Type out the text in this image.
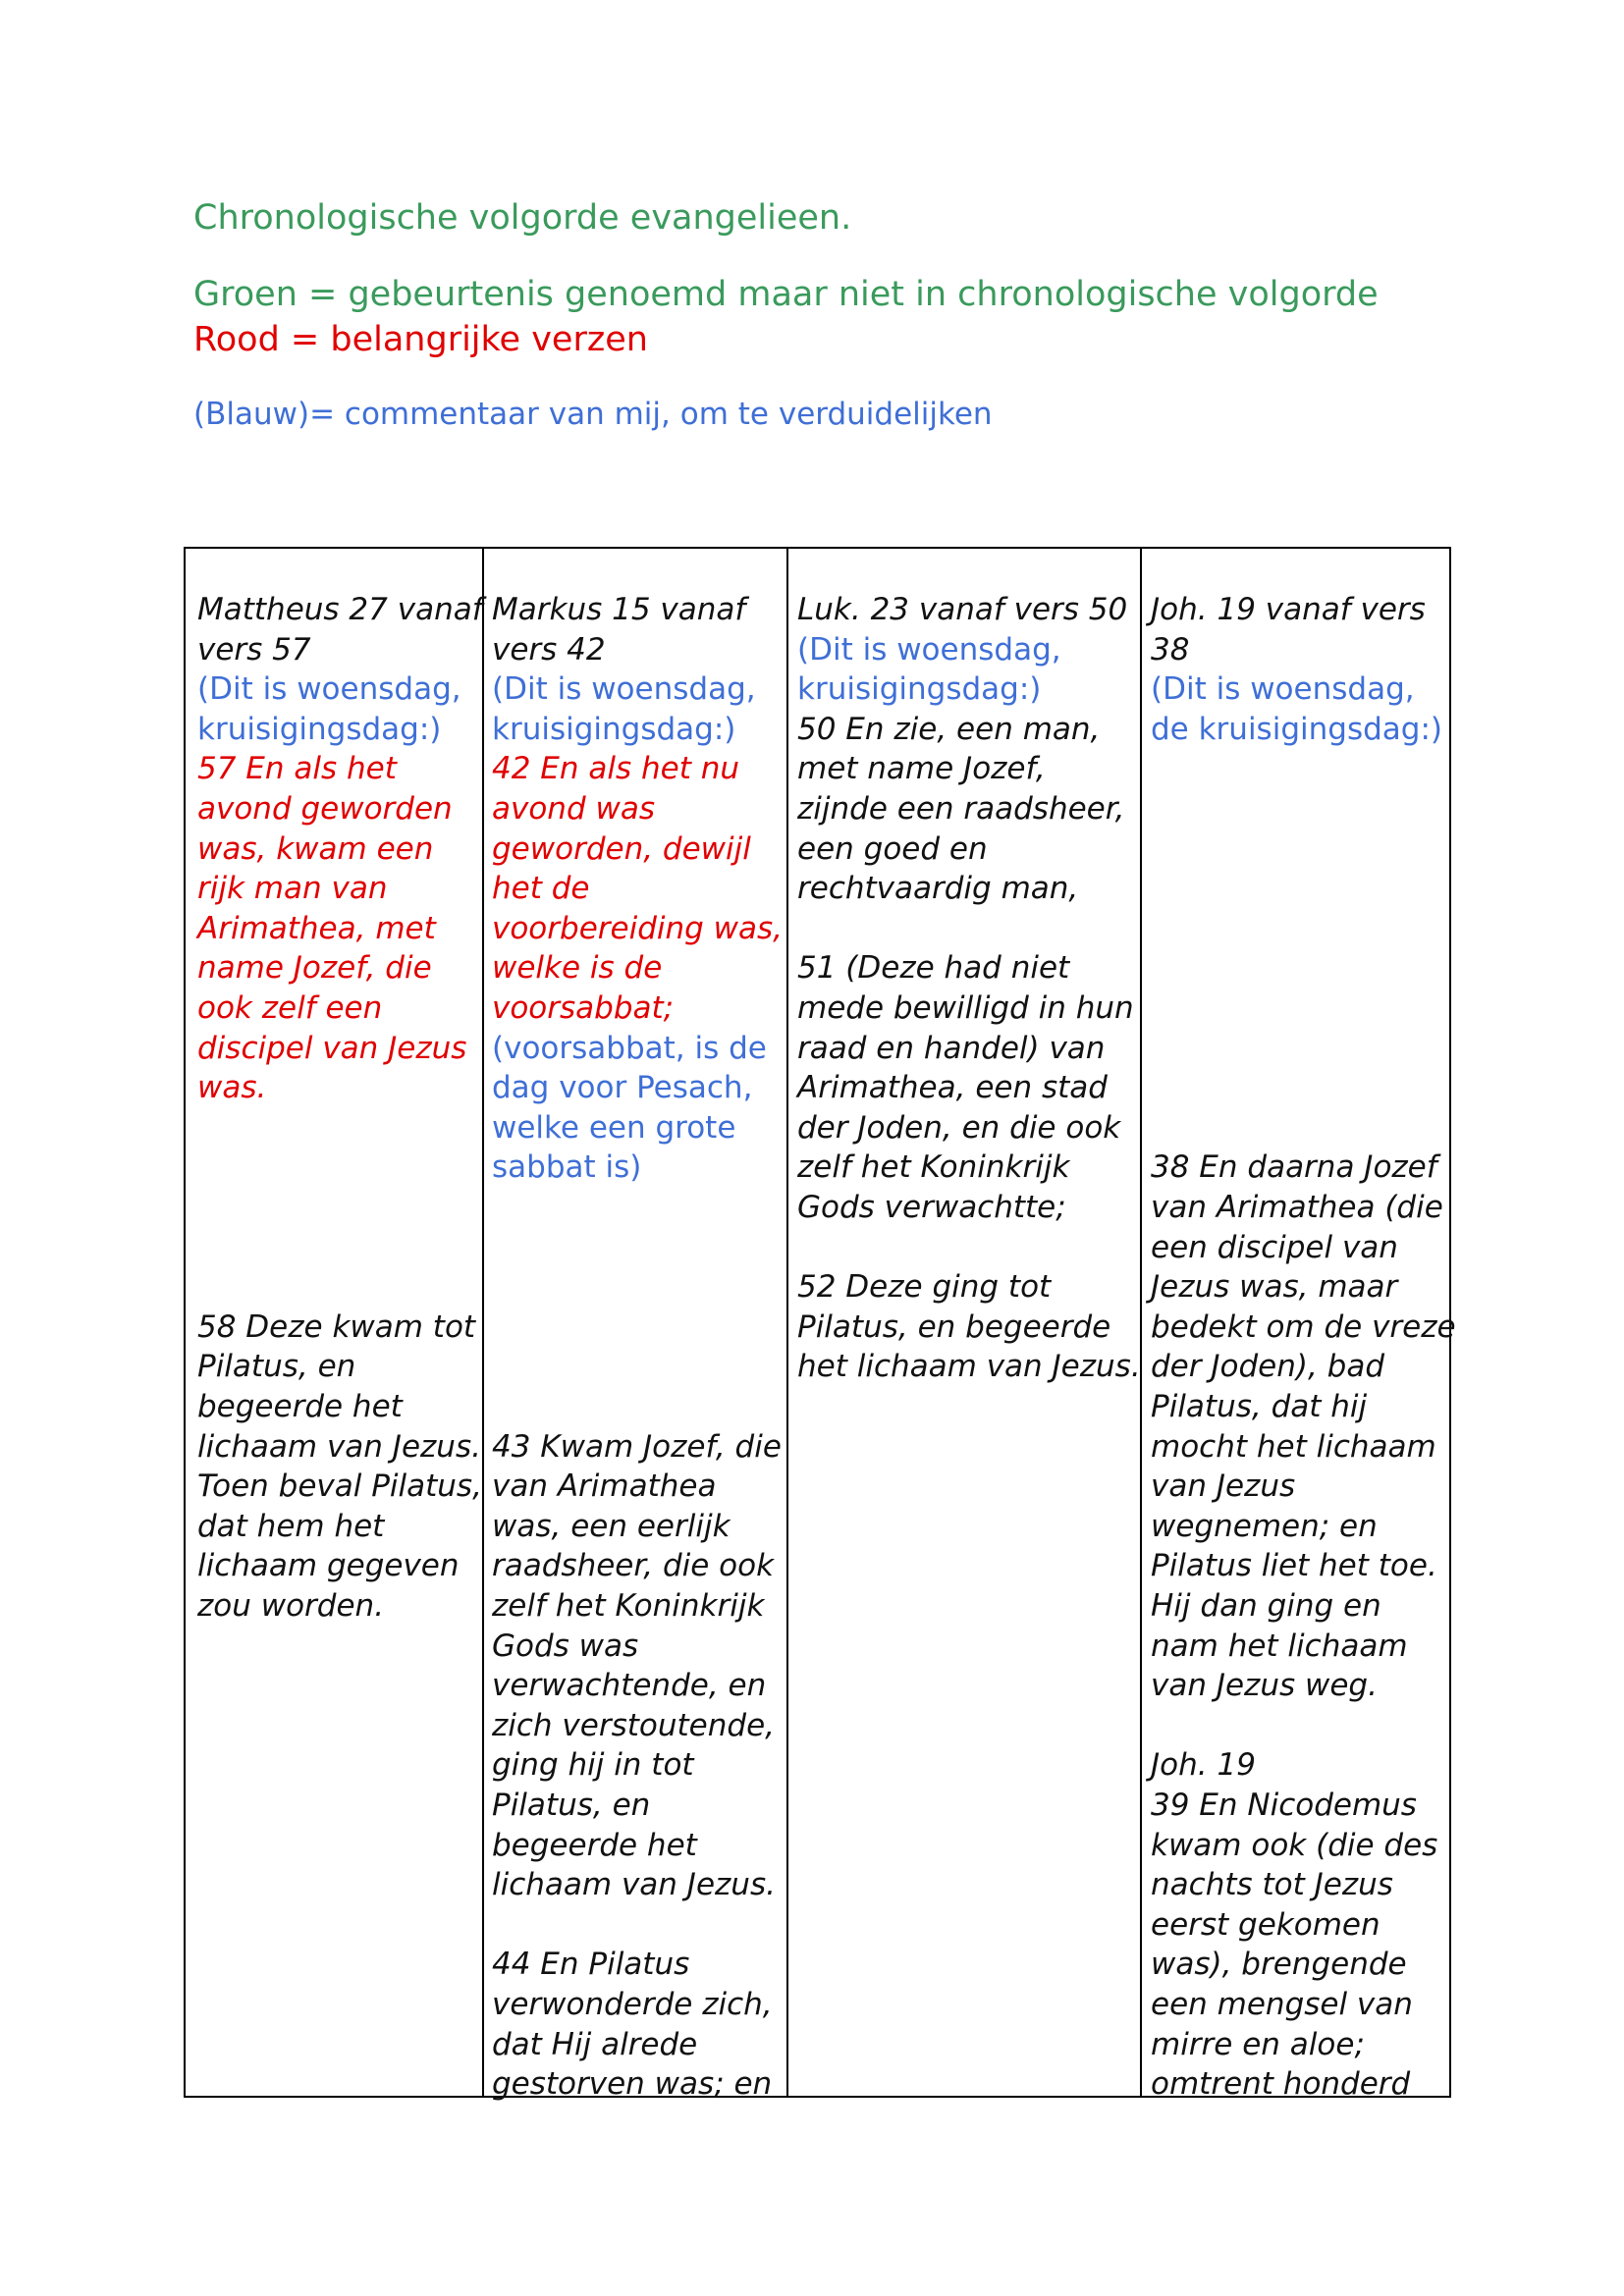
Chronologische volgorde evangelieen.
Groen = gebeurtenis genoemd maar niet in chronologische volgorde
Rood = belangrijke verzen
(Blauw)= commentaar van mij, om te verduidelijken
Mattheus 27 vanaf
vers 57
(Dit is woensdag,
kruisigingsdag:)
57 En als het
avond geworden
was, kwam een
rijk man van
Arimathea, met
name Jozef, die
ook zelf een
discipel van Jezus
was.
58 Deze kwam tot
Pilatus, en
begeerde het
lichaam van Jezus.
Toen beval Pilatus,
dat hem het
lichaam gegeven
zou worden.
Markus 15 vanaf
vers 42
(Dit is woensdag,
kruisigingsdag:)
42 En als het nu
avond was
geworden, dewijl
het de
voorbereiding was,
welke is de
voorsabbat;
(voorsabbat, is de
dag voor Pesach,
welke een grote
sabbat is)
43 Kwam Jozef, die
van Arimathea
was, een eerlijk
raadsheer, die ook
zelf het Koninkrijk
Gods was
verwachtende, en
zich verstoutende,
ging hij in tot
Pilatus, en
begeerde het
lichaam van Jezus.
44 En Pilatus
verwonderde zich,
dat Hij alrede
gestorven was; en
Luk. 23 vanaf vers 50
(Dit is woensdag,
kruisigingsdag:)
50 En zie, een man,
met name Jozef,
zijnde een raadsheer,
een goed en
rechtvaardig man,
51 (Deze had niet
mede bewilligd in hun
raad en handel) van
Arimathea, een stad
der Joden, en die ook
zelf het Koninkrijk
Gods verwachtte;
52 Deze ging tot
Pilatus, en begeerde
het lichaam van Jezus.
Joh. 19 vanaf vers
38
(Dit is woensdag,
de kruisigingsdag:)
38 En daarna Jozef
van Arimathea (die
een discipel van
Jezus was, maar
bedekt om de vreze
der Joden), bad
Pilatus, dat hij
mocht het lichaam
van Jezus
wegnemen; en
Pilatus liet het toe.
Hij dan ging en
nam het lichaam
van Jezus weg.
Joh. 19
39 En Nicodemus
kwam ook (die des
nachts tot Jezus
eerst gekomen
was), brengende
een mengsel van
mirre en aloe;
omtrent honderd
